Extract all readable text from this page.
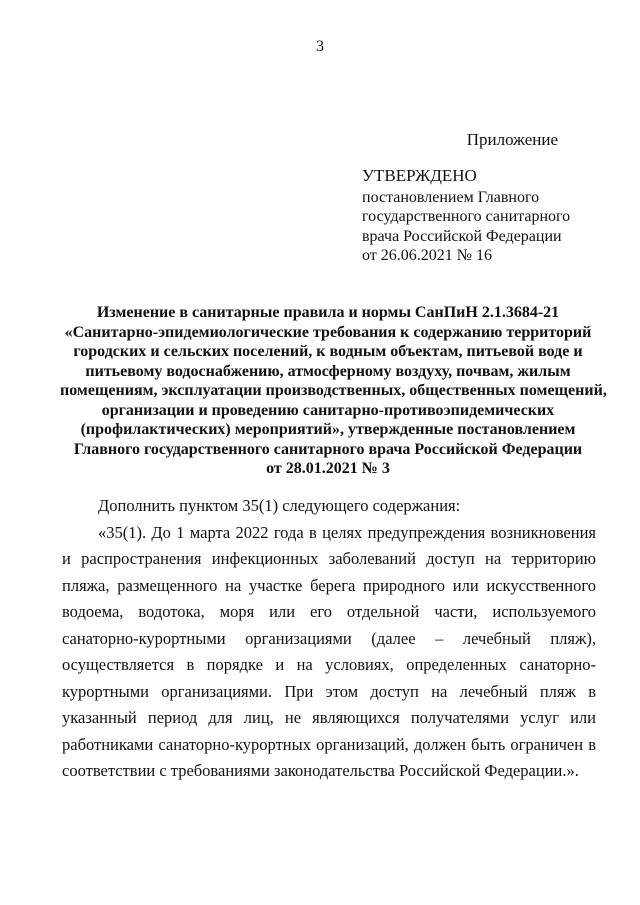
3
Приложение
УТВЕРЖДЕНО
постановлением Главного
государственного санитарного
врача Российской Федерации
от 26.06.2021 № 16
Изменение в санитарные правила и нормы СанПиН 2.1.3684-21
«Санитарно-эпидемиологические требования к содержанию территорий
городских и сельских поселений, к водным объектам, питьевой воде и
питьевому водоснабжению, атмосферному воздуху, почвам, жилым
помещениям, эксплуатации производственных, общественных помещений,
организации и проведению санитарно-противоэпидемических
(профилактических) мероприятий», утвержденные постановлением
Главного государственного санитарного врача Российской Федерации
от 28.01.2021 № 3

Дополнить пунктом 35(1) следующего содержания:

«35(1). До 1 марта 2022 года в целях предупреждения возникновения и распространения инфекционных заболеваний доступ на территорию пляжа, размещенного на участке берега природного или искусственного водоема, водотока, моря или его отдельной части, используемого санаторно-курортными организациями (далее – лечебный пляж), осуществляется в порядке и на условиях, определенных санаторно-курортными организациями. При этом доступ на лечебный пляж в указанный период для лиц, не являющихся получателями услуг или работниками санаторно-курортных организаций, должен быть ограничен в соответствии с требованиями законодательства Российской Федерации.».
